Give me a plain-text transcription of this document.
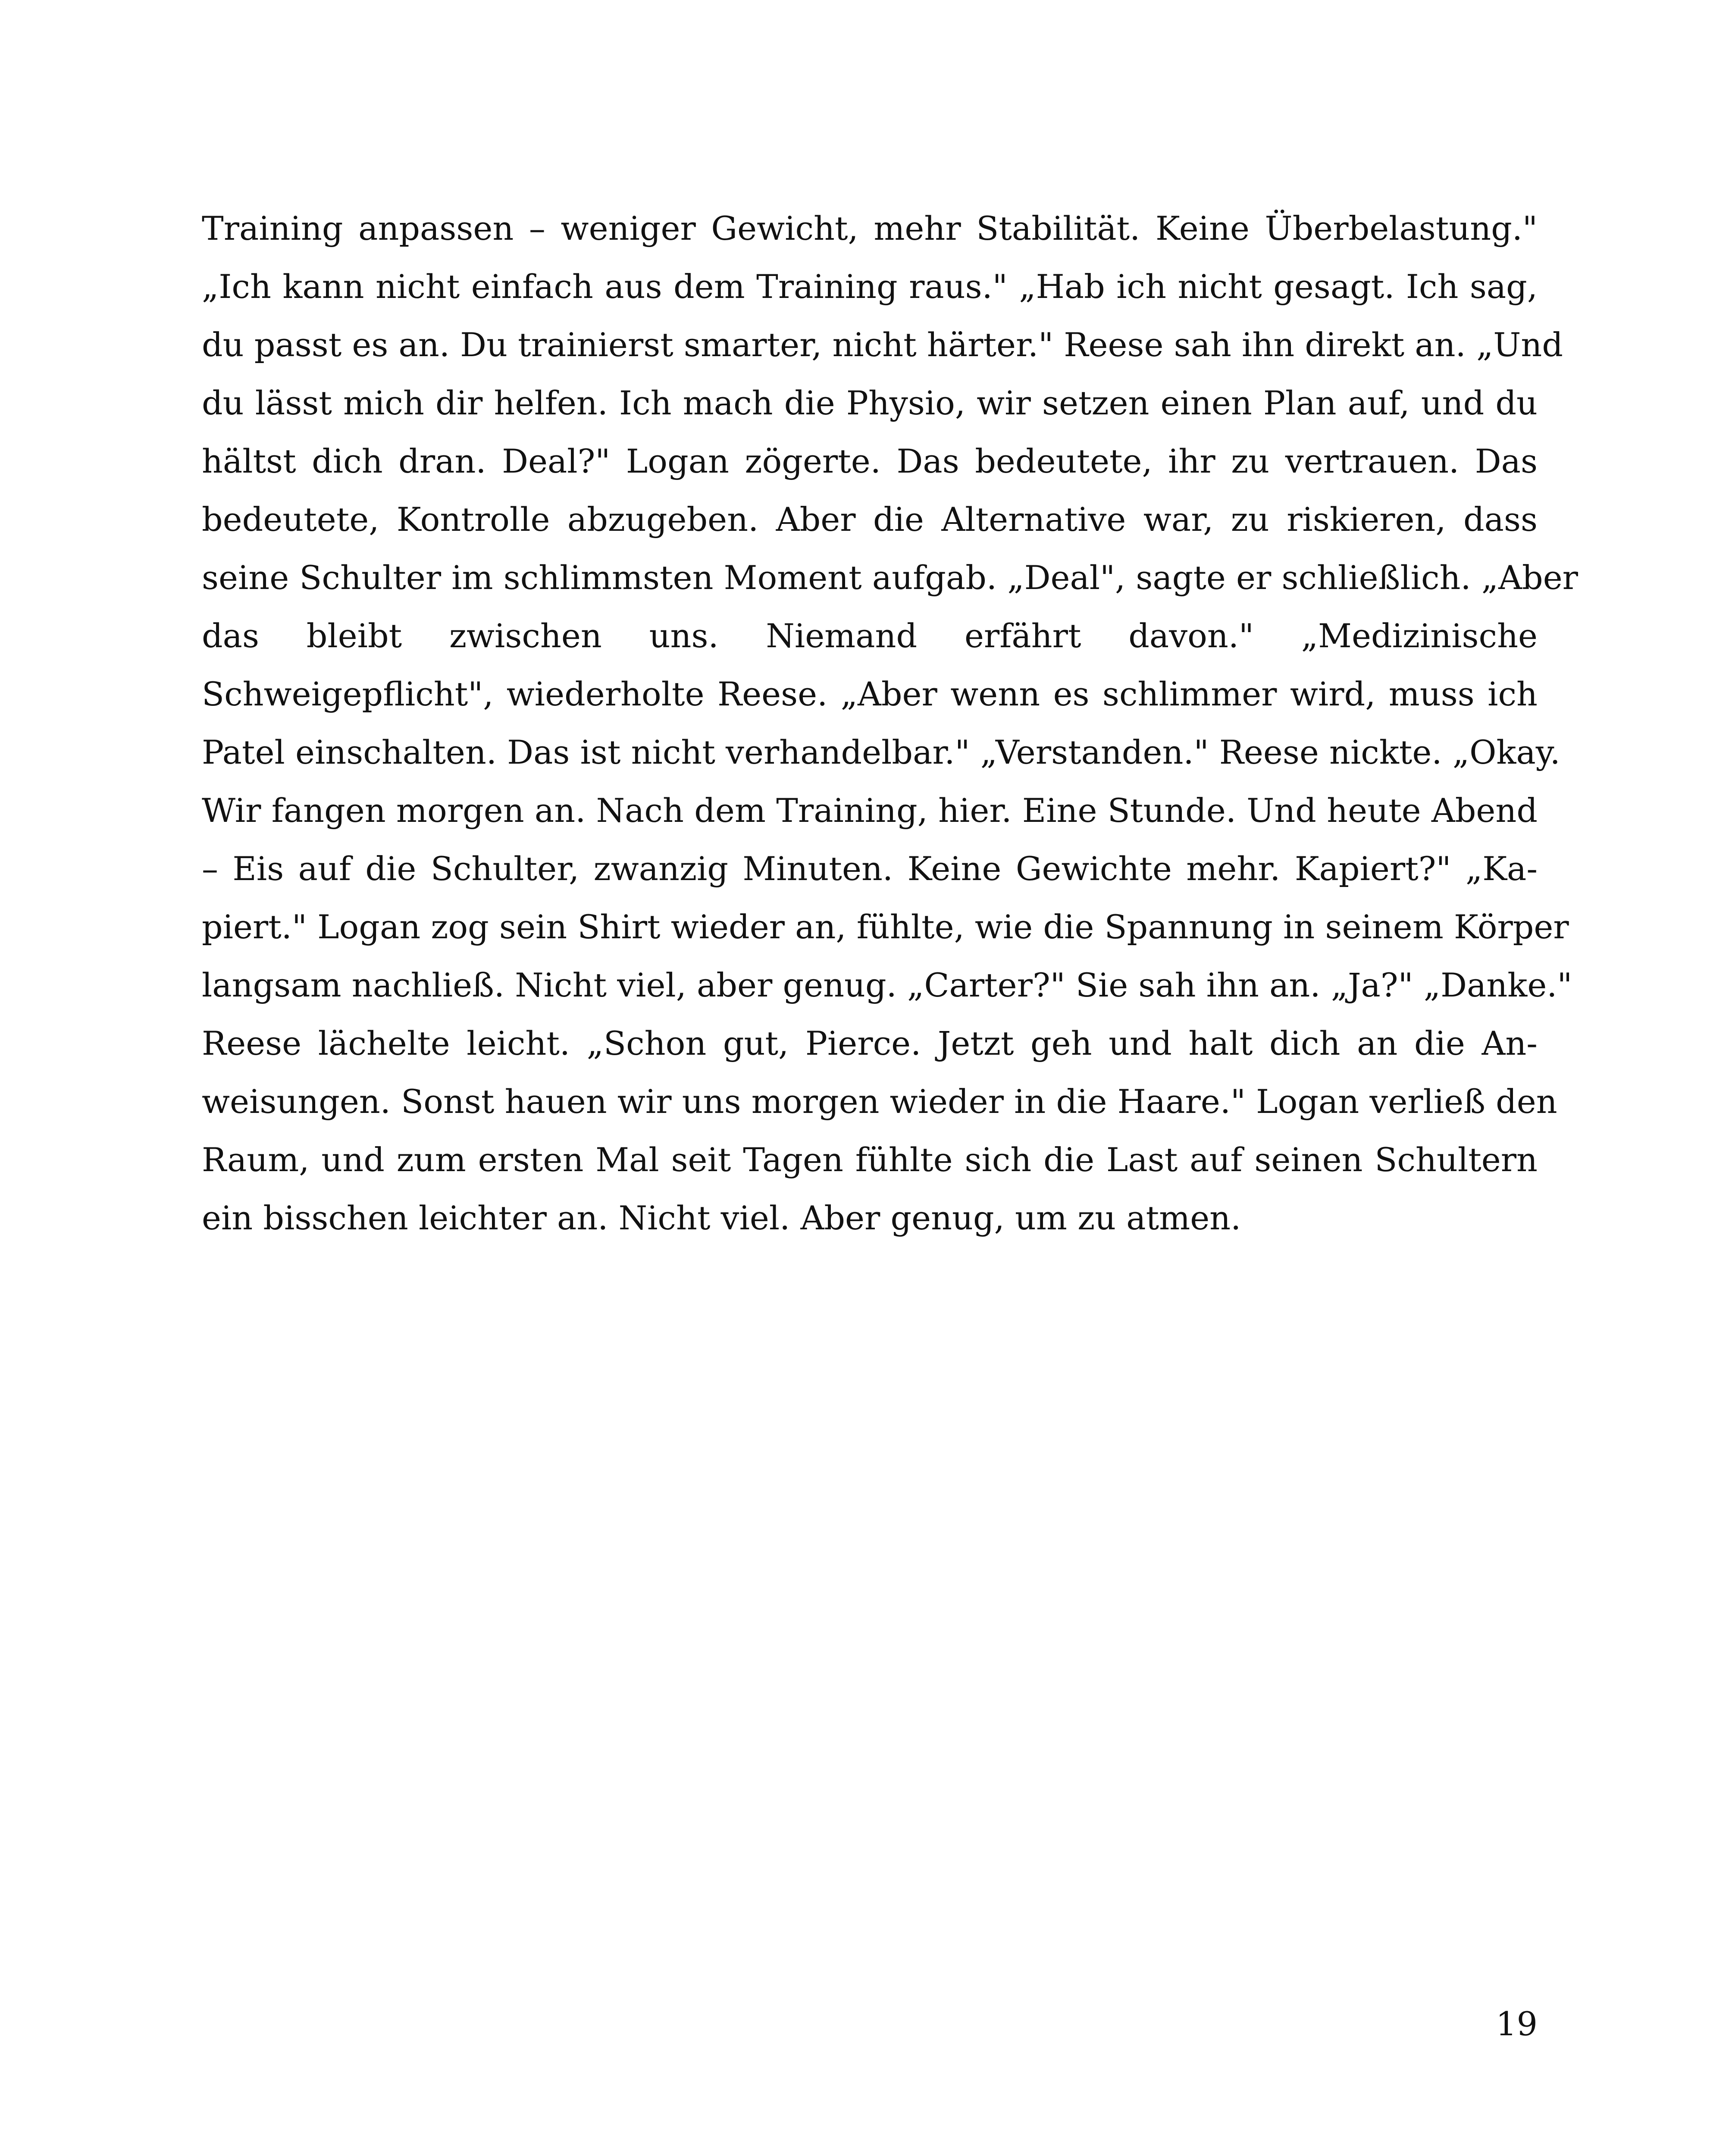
Training anpassen – weniger Gewicht, mehr Stabilität. Keine Überbelastung."
„Ich kann nicht einfach aus dem Training raus." „Hab ich nicht gesagt. Ich sag,
du passt es an. Du trainierst smarter, nicht härter." Reese sah ihn direkt an. „Und
du lässt mich dir helfen. Ich mach die Physio, wir setzen einen Plan auf, und du
hältst dich dran. Deal?" Logan zögerte. Das bedeutete, ihr zu vertrauen. Das
bedeutete, Kontrolle abzugeben. Aber die Alternative war, zu riskieren, dass
seine Schulter im schlimmsten Moment aufgab. „Deal", sagte er schließlich. „Aber
das bleibt zwischen uns. Niemand erfährt davon." „Medizinische
Schweigepflicht", wiederholte Reese. „Aber wenn es schlimmer wird, muss ich
Patel einschalten. Das ist nicht verhandelbar." „Verstanden." Reese nickte. „Okay.
Wir fangen morgen an. Nach dem Training, hier. Eine Stunde. Und heute Abend
– Eis auf die Schulter, zwanzig Minuten. Keine Gewichte mehr. Kapiert?" „Ka-
piert." Logan zog sein Shirt wieder an, fühlte, wie die Spannung in seinem Körper
langsam nachließ. Nicht viel, aber genug. „Carter?" Sie sah ihn an. „Ja?" „Danke."
Reese lächelte leicht. „Schon gut, Pierce. Jetzt geh und halt dich an die An-
weisungen. Sonst hauen wir uns morgen wieder in die Haare." Logan verließ den
Raum, und zum ersten Mal seit Tagen fühlte sich die Last auf seinen Schultern
ein bisschen leichter an. Nicht viel. Aber genug, um zu atmen.
19
